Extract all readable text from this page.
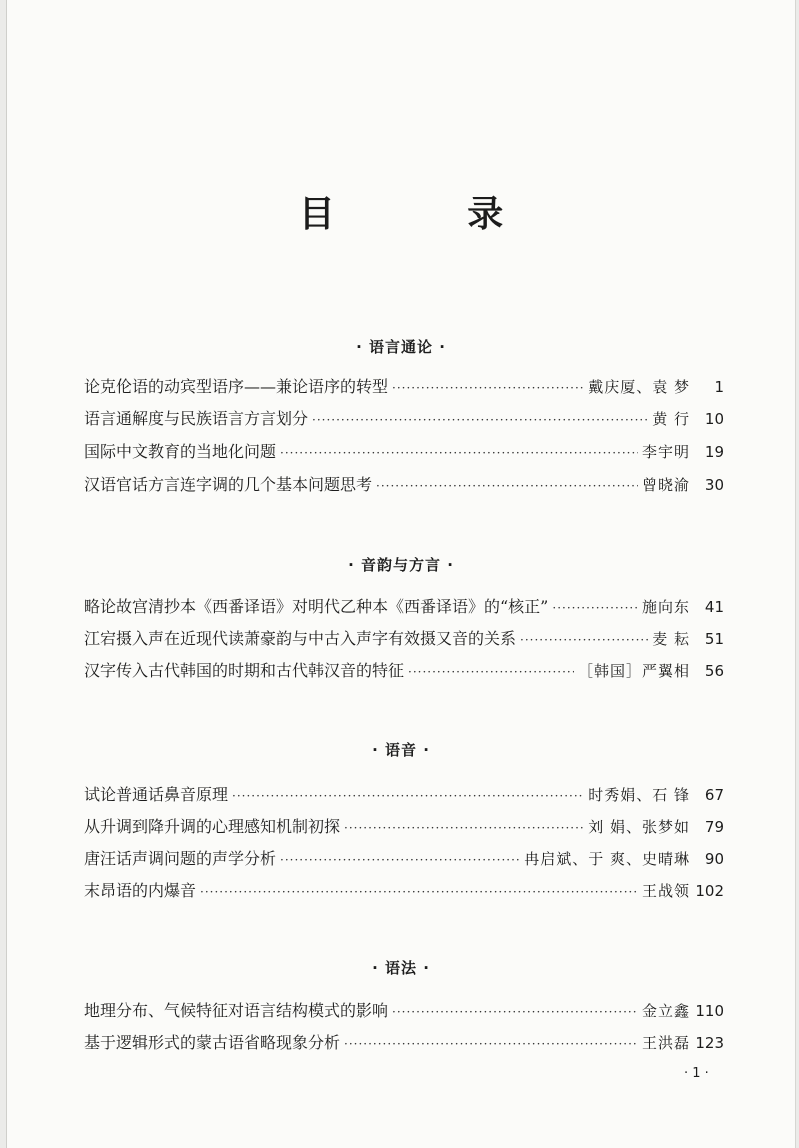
目 录
· 语言通论 ·
论克伦语的动宾型语序——兼论语序的转型 ·····	戴庆厦、袁 梦	1
语言通解度与民族语言方言划分 ·····	黄 行 10
国际中文教育的当地化问题 ·····	李宇明 19
汉语官话方言连字调的几个基本问题思考 ·····	曾晓渝 30
· 音韵与方言 ·
略论故宫清抄本《西番译语》对明代乙种本《西番译语》的“核正” ·····	施向东 41
江宕摄入声在近现代读萧豪韵与中古入声字有效摄又音的关系 ·····	麦 耘 51
汉字传入古代韩国的时期和古代韩汉音的特征 ·····	［韩国］严翼相 56
· 语音 ·
试论普通话鼻音原理 ·····	时秀娟、石 锋 67
从升调到降升调的心理感知机制初探 ·····	刘 娟、张梦如 79
唐汪话声调问题的声学分析 ·····	冉启斌、于 爽、史晴琳 90
末昂语的内爆音 ·····	王战领 102
· 语法 ·
地理分布、气候特征对语言结构模式的影响 ·····	金立鑫 110
基于逻辑形式的蒙古语省略现象分析 ·····	王洪磊 123
· 1 ·
